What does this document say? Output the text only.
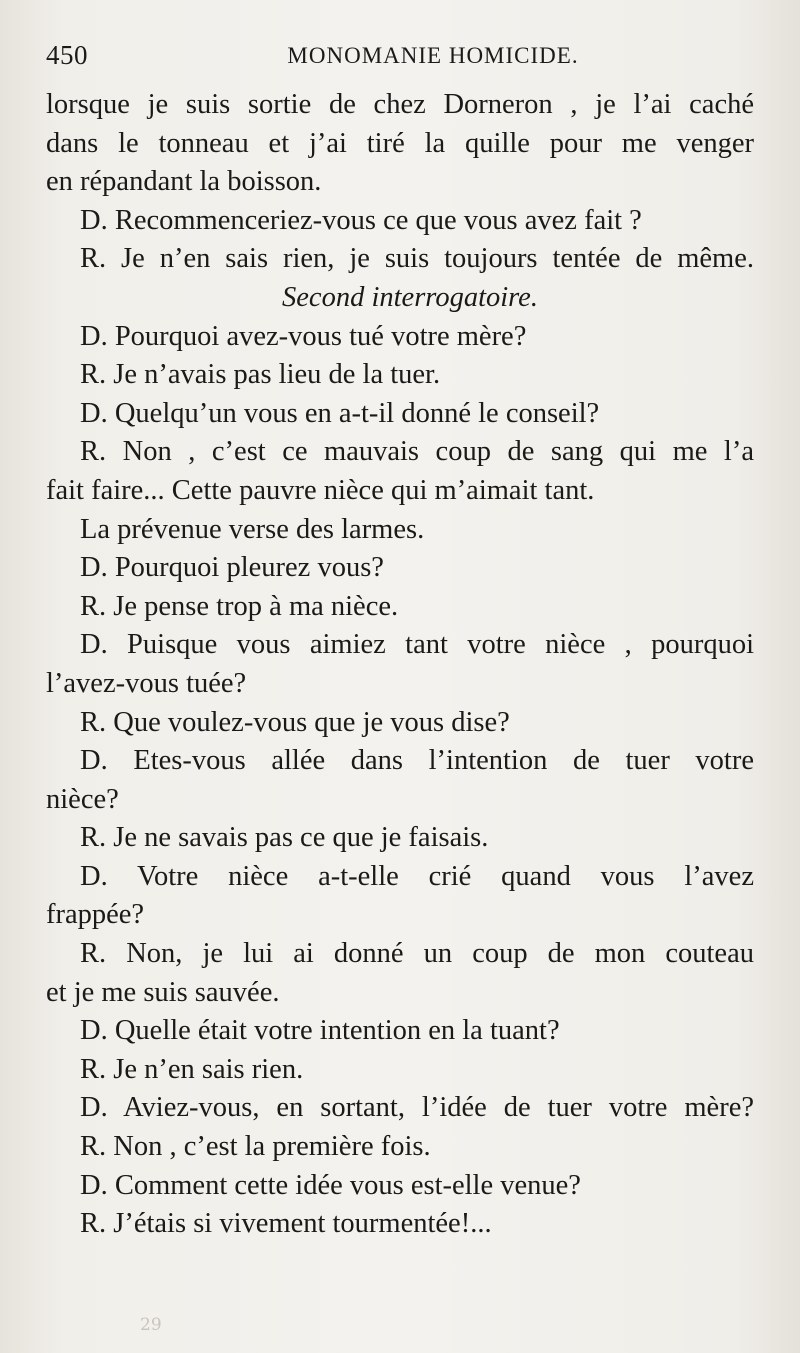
450	MONOMANIE HOMICIDE.
lorsque je suis sortie de chez Dorneron , je l’ai caché
dans le tonneau et j’ai tiré la quille pour me venger
en répandant la boisson.
D. Recommenceriez-vous ce que vous avez fait ?
R. Je n’en sais rien, je suis toujours tentée de même.
Second interrogatoire.
D. Pourquoi avez-vous tué votre mère?
R. Je n’avais pas lieu de la tuer.
D. Quelqu’un vous en a-t-il donné le conseil?
R. Non , c’est ce mauvais coup de sang qui me l’a
fait faire... Cette pauvre nièce qui m’aimait tant.
La prévenue verse des larmes.
D. Pourquoi pleurez vous?
R. Je pense trop à ma nièce.
D. Puisque vous aimiez tant votre nièce , pourquoi
l’avez-vous tuée?
R. Que voulez-vous que je vous dise?
D. Etes-vous allée dans l’intention de tuer votre
nièce?
R. Je ne savais pas ce que je faisais.
D. Votre nièce a-t-elle crié quand vous l’avez
frappée?
R. Non, je lui ai donné un coup de mon couteau
et je me suis sauvée.
D. Quelle était votre intention en la tuant?
R. Je n’en sais rien.
D. Aviez-vous, en sortant, l’idée de tuer votre mère?
R. Non , c’est la première fois.
D. Comment cette idée vous est-elle venue?
R. J’étais si vivement tourmentée!...
29
